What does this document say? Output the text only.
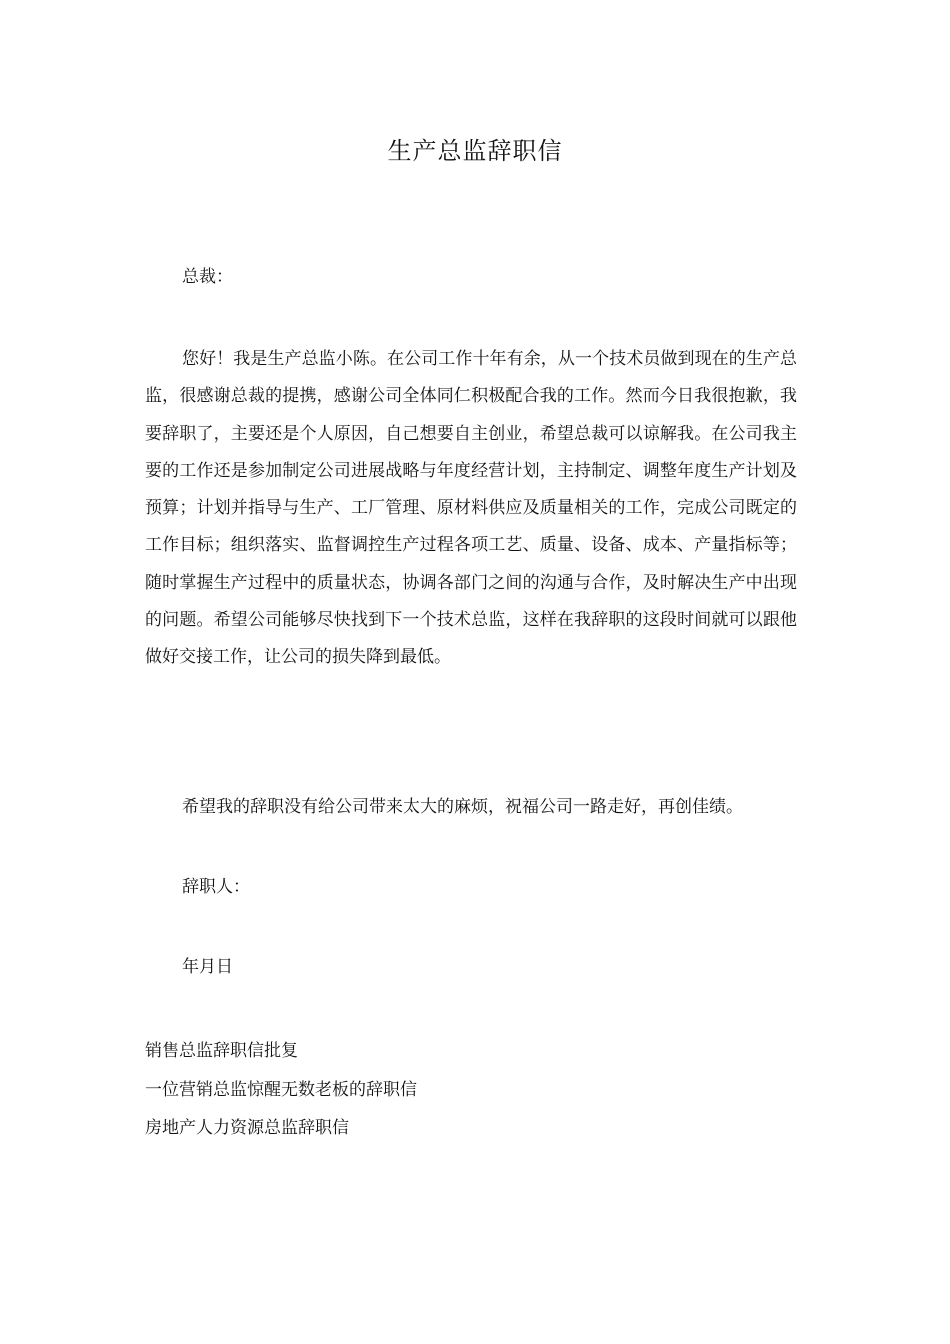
生产总监辞职信
总裁：

您好！我是生产总监小陈。在公司工作十年有余，从一个技术员做到现在的生产总监，很感谢总裁的提携，感谢公司全体同仁积极配合我的工作。然而今日我很抱歉，我要辞职了，主要还是个人原因，自己想要自主创业，希望总裁可以谅解我。在公司我主要的工作还是参加制定公司进展战略与年度经营计划，主持制定、调整年度生产计划及预算；计划并指导与生产、工厂管理、原材料供应及质量相关的工作，完成公司既定的工作目标；组织落实、监督调控生产过程各项工艺、质量、设备、成本、产量指标等；随时掌握生产过程中的质量状态，协调各部门之间的沟通与合作，及时解决生产中出现的问题。希望公司能够尽快找到下一个技术总监，这样在我辞职的这段时间就可以跟他做好交接工作，让公司的损失降到最低。

希望我的辞职没有给公司带来太大的麻烦，祝福公司一路走好，再创佳绩。
辞职人：
年月日
销售总监辞职信批复
一位营销总监惊醒无数老板的辞职信
房地产人力资源总监辞职信
